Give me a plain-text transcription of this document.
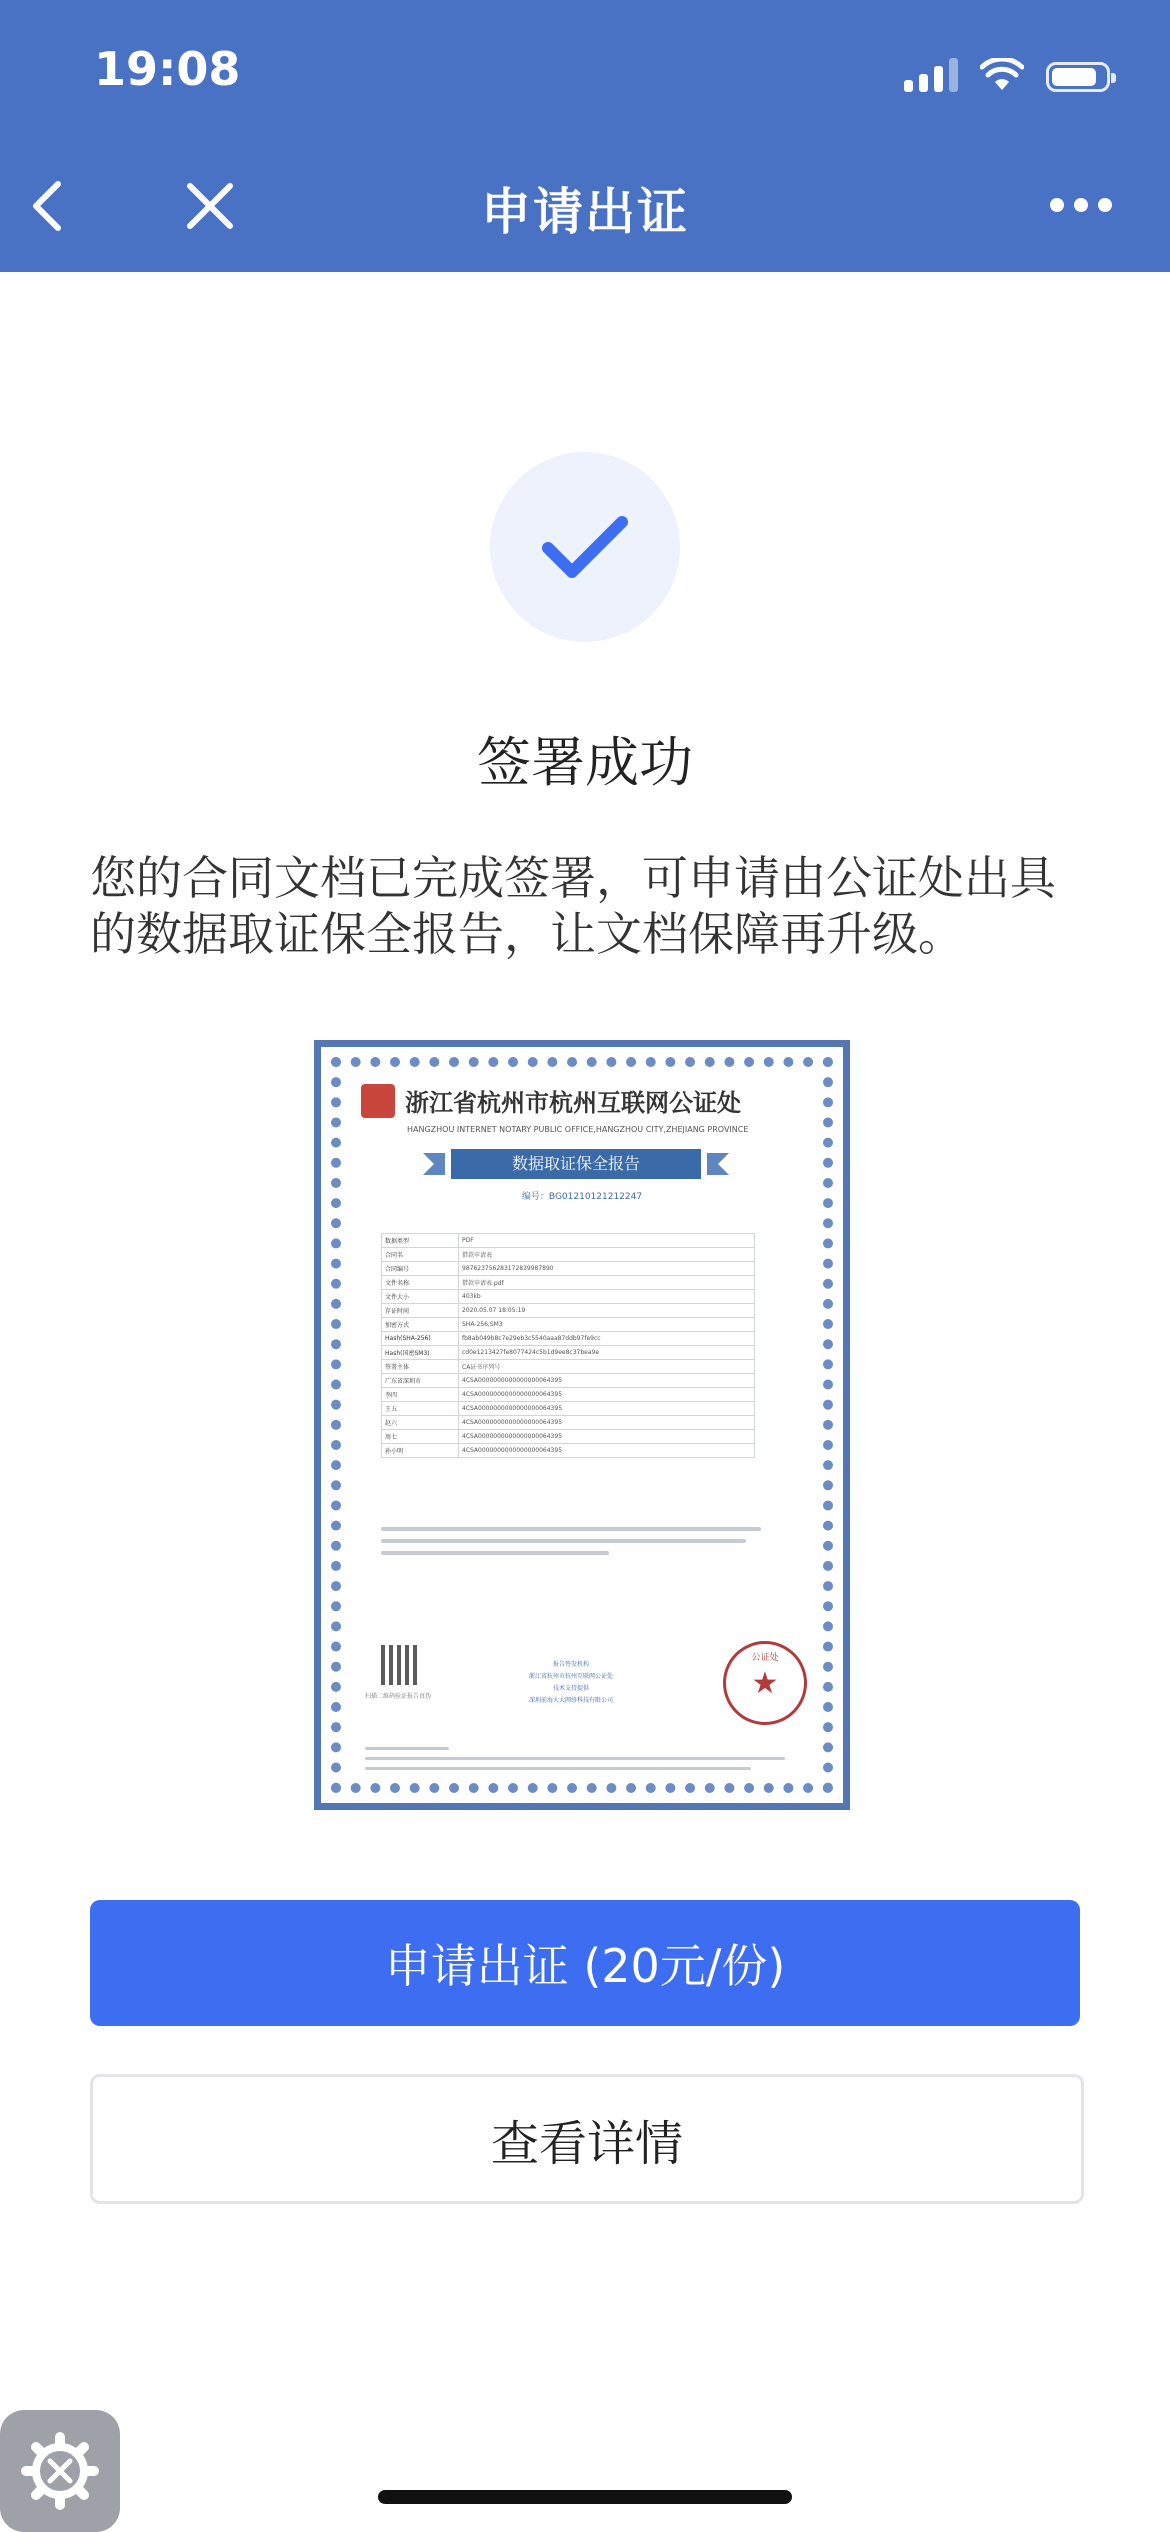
19:08
申请出证
签署成功
您的合同文档已完成签署，可申请由公证处出具的数据取证保全报告，让文档保障再升级。
浙江省杭州市杭州互联网公证处
HANGZHOU INTERNET NOTARY PUBLIC OFFICE,HANGZHOU CITY,ZHEJIANG PROVINCE
数据取证保全报告
编号：BG01210121212247
数据类型	PDF
合同名	借款申请表
合同编号	987623756283172839987890
文件名称	借款申请表.pdf
文件大小	403kb
存证时间	2020.05.07 18:05:19
加密方式	SHA-256,SM3
Hash(SHA-256)	fb8ab049b8c7e29eb3c5540aaa87ddb97fe9cc
Hash(国密SM3)	cd0e1213427fe8077424c5b1d9ee8c37bea9e
签署主体	CA证书序列号
广东省深圳市	4CSA0000000000000000064395
李四	4CSA0000000000000000064395
王五	4CSA0000000000000000064395
赵六	4CSA0000000000000000064395
周七	4CSA0000000000000000064395
孙小明	4CSA0000000000000000064395
扫描二维码验证报告真伪
报告签发机构
浙江省杭州市杭州互联网公证处
技术支持提供
深圳前海大大网络科技有限公司
公证处
★
申请出证 (20元/份)
查看详情
